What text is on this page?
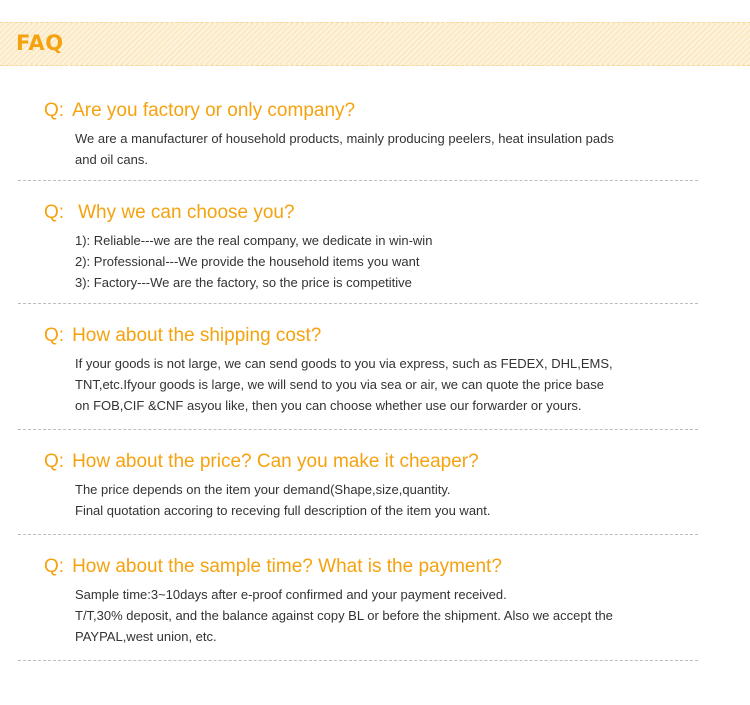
FAQ
Q: Are you factory or only company?
We are a manufacturer of household products, mainly producing peelers, heat insulation pads
and oil cans.
Q: Why we can choose you?
1): Reliable---we are the real company, we dedicate in win-win
2): Professional---We provide the household items you want
3): Factory---We are the factory, so the price is competitive
Q: How about the shipping cost?
If your goods is not large, we can send goods to you via express, such as FEDEX, DHL,EMS,
TNT,etc.Ifyour goods is large, we will send to you via sea or air, we can quote the price base
on FOB,CIF &CNF asyou like, then you can choose whether use our forwarder or yours.
Q: How about the price? Can you make it cheaper?
The price depends on the item your demand(Shape,size,quantity.
Final quotation accoring to receving full description of the item you want.
Q: How about the sample time? What is the payment?
Sample time:3~10days after e-proof confirmed and your payment received.
T/T,30% deposit, and the balance against copy BL or before the shipment. Also we accept the
PAYPAL,west union, etc.
